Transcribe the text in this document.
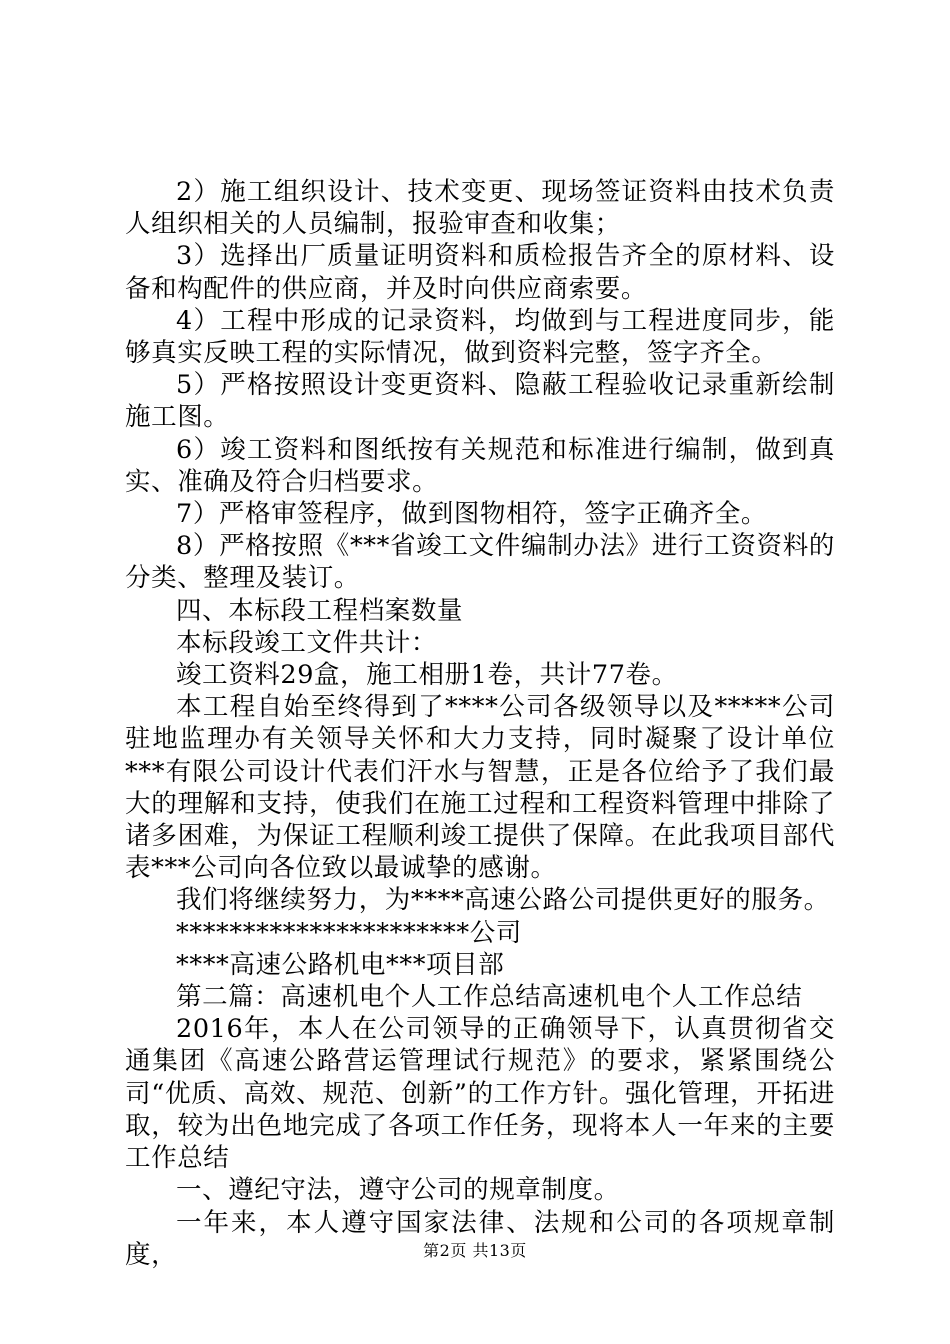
2）施工组织设计、技术变更、现场签证资料由技术负责人组织相关的人员编制，报验审查和收集；

3）选择出厂质量证明资料和质检报告齐全的原材料、设备和构配件的供应商，并及时向供应商索要。

4）工程中形成的记录资料，均做到与工程进度同步，能够真实反映工程的实际情况，做到资料完整，签字齐全。

5）严格按照设计变更资料、隐蔽工程验收记录重新绘制施工图。

6）竣工资料和图纸按有关规范和标准进行编制，做到真实、准确及符合归档要求。

7）严格审签程序，做到图物相符，签字正确齐全。

8）严格按照《***省竣工文件编制办法》进行工资资料的分类、整理及装订。

四、本标段工程档案数量

本标段竣工文件共计：

竣工资料29盒，施工相册1卷，共计77卷。

本工程自始至终得到了****公司各级领导以及*****公司驻地监理办有关领导关怀和大力支持，同时凝聚了设计单位***有限公司设计代表们汗水与智慧，正是各位给予了我们最大的理解和支持，使我们在施工过程和工程资料管理中排除了诸多困难，为保证工程顺利竣工提供了保障。在此我项目部代表***公司向各位致以最诚挚的感谢。

我们将继续努力，为****高速公路公司提供更好的服务。

**********************公司

****高速公路机电***项目部

第二篇：高速机电个人工作总结高速机电个人工作总结

2016年，本人在公司领导的正确领导下，认真贯彻省交通集团《高速公路营运管理试行规范》的要求，紧紧围绕公司“优质、高效、规范、创新”的工作方针。强化管理，开拓进取，较为出色地完成了各项工作任务，现将本人一年来的主要工作总结

一、遵纪守法，遵守公司的规章制度。

一年来，本人遵守国家法律、法规和公司的各项规章制度，	第2页 共13页
